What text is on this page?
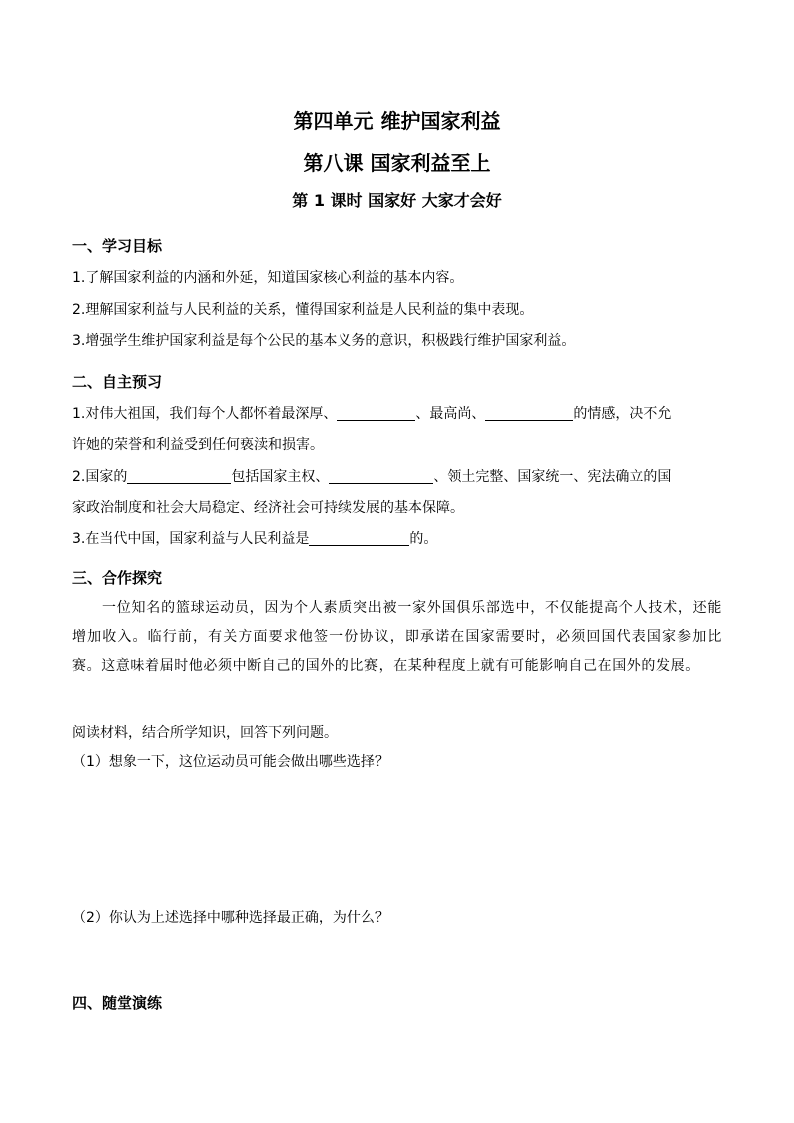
第四单元 维护国家利益
第八课 国家利益至上
第 1 课时 国家好 大家才会好
一、学习目标
1.了解国家利益的内涵和外延，知道国家核心利益的基本内容。
2.理解国家利益与人民利益的关系，懂得国家利益是人民利益的集中表现。
3.增强学生维护国家利益是每个公民的基本义务的意识，积极践行维护国家利益。
二、自主预习
1.对伟大祖国，我们每个人都怀着最深厚、	、最高尚、	的情感，决不允
许她的荣誉和利益受到任何亵渎和损害。
2.国家的	包括国家主权、	、领土完整、国家统一、宪法确立的国
家政治制度和社会大局稳定、经济社会可持续发展的基本保障。
3.在当代中国，国家利益与人民利益是	的。
三、合作探究
一位知名的篮球运动员，因为个人素质突出被一家外国俱乐部选中，不仅能提高个人技术，还能增加收入。临行前，有关方面要求他签一份协议，即承诺在国家需要时，必须回国代表国家参加比赛。这意味着届时他必须中断自己的国外的比赛，在某种程度上就有可能影响自己在国外的发展。
阅读材料，结合所学知识，回答下列问题。
（1）想象一下，这位运动员可能会做出哪些选择？
（2）你认为上述选择中哪种选择最正确，为什么？
四、随堂演练
